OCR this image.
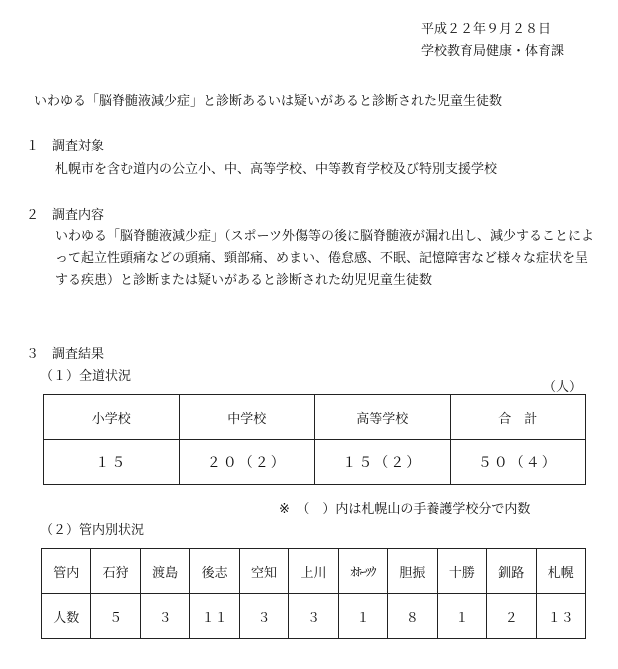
平成２２年９月２８日
学校教育局健康・体育課
いわゆる「脳脊髄液減少症」と診断あるいは疑いがあると診断された児童生徒数
１　調査対象
札幌市を含む道内の公立小、中、高等学校、中等教育学校及び特別支援学校
２　調査内容
いわゆる「脳脊髄液減少症」（スポーツ外傷等の後に脳脊髄液が漏れ出し、減少することによって起立性頭痛などの頭痛、頸部痛、めまい、倦怠感、不眠、記憶障害など様々な症状を呈する疾患）と診断または疑いがあると診断された幼児児童生徒数
３　調査結果
（１）全道状況
（人）
小学校	中学校	高等学校	合　計
１５	２０（２）	１５（２）	５０（４）
※　（　）内は札幌山の手養護学校分で内数
（２）管内別状況
管内	石狩	渡島	後志	空知	上川	ｵﾎｰﾂｸ	胆振	十勝	釧路	札幌
人数	５	３	１１	３	３	１	８	１	２	１３
